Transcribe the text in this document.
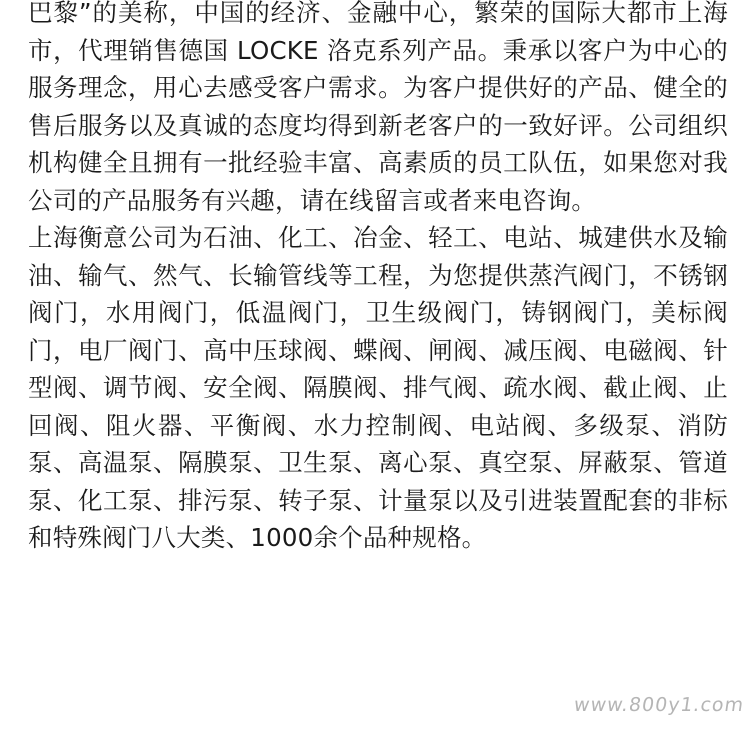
巴黎”的美称，中国的经济、金融中心，繁荣的国际大都市上海市，代理销售德国 LOCKE 洛克系列产品。秉承以客户为中心的服务理念，用心去感受客户需求。为客户提供好的产品、健全的售后服务以及真诚的态度均得到新老客户的一致好评。公司组织机构健全且拥有一批经验丰富、高素质的员工队伍，如果您对我公司的产品服务有兴趣，请在线留言或者来电咨询。

上海衡意公司为石油、化工、冶金、轻工、电站、城建供水及输油、输气、然气、长输管线等工程，为您提供蒸汽阀门，不锈钢阀门，水用阀门，低温阀门，卫生级阀门，铸钢阀门，美标阀门，电厂阀门、高中压球阀、蝶阀、闸阀、减压阀、电磁阀、针型阀、调节阀、安全阀、隔膜阀、排气阀、疏水阀、截止阀、止回阀、阻火器、平衡阀、水力控制阀、电站阀、多级泵、消防泵、高温泵、隔膜泵、卫生泵、离心泵、真空泵、屏蔽泵、管道泵、化工泵、排污泵、转子泵、计量泵以及引进装置配套的非标和特殊阀门八大类、1000余个品种规格。

www.800y1.com
